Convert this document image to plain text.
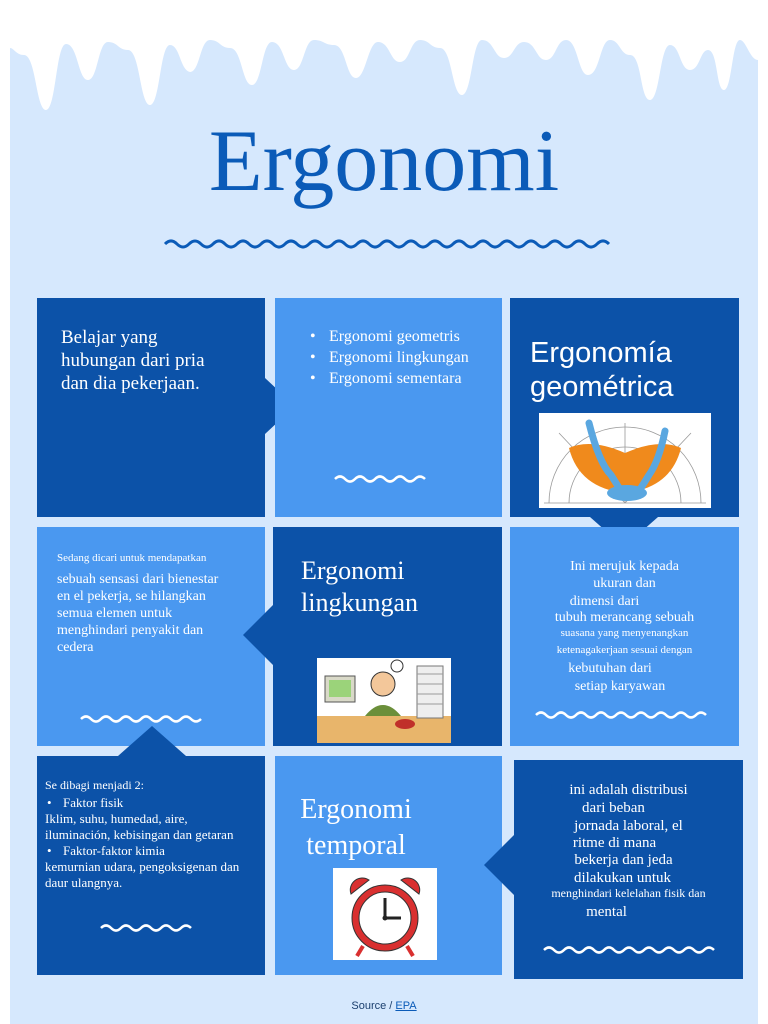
Ergonomi
Belajar yang hubungan dari pria dan dia pekerjaan.
• Ergonomi geometris
• Ergonomi lingkungan
• Ergonomi sementara
Ergonomía geométrica
Sedang dicari untuk mendapatkan
sebuah sensasi dari bienestar en el pekerja, se hilangkan semua elemen untuk menghindari penyakit dan cedera
Ergonomi lingkungan
Ini merujuk kepada
ukuran dan
dimensi dari
tubuh merancang sebuah
suasana yang menyenangkan
ketenagakerjaan sesuai dengan
kebutuhan dari
setiap karyawan
Se dibagi menjadi 2:
• Faktor fisik
Iklim, suhu, humedad, aire, iluminación, kebisingan dan getaran
• Faktor-faktor kimia
kemurnian udara, pengoksigenan dan daur ulangnya.
Ergonomi temporal
ini adalah distribusi
dari beban
jornada laboral, el
ritme di mana
bekerja dan jeda
dilakukan untuk
menghindari kelelahan fisik dan
mental
Source / EPA
